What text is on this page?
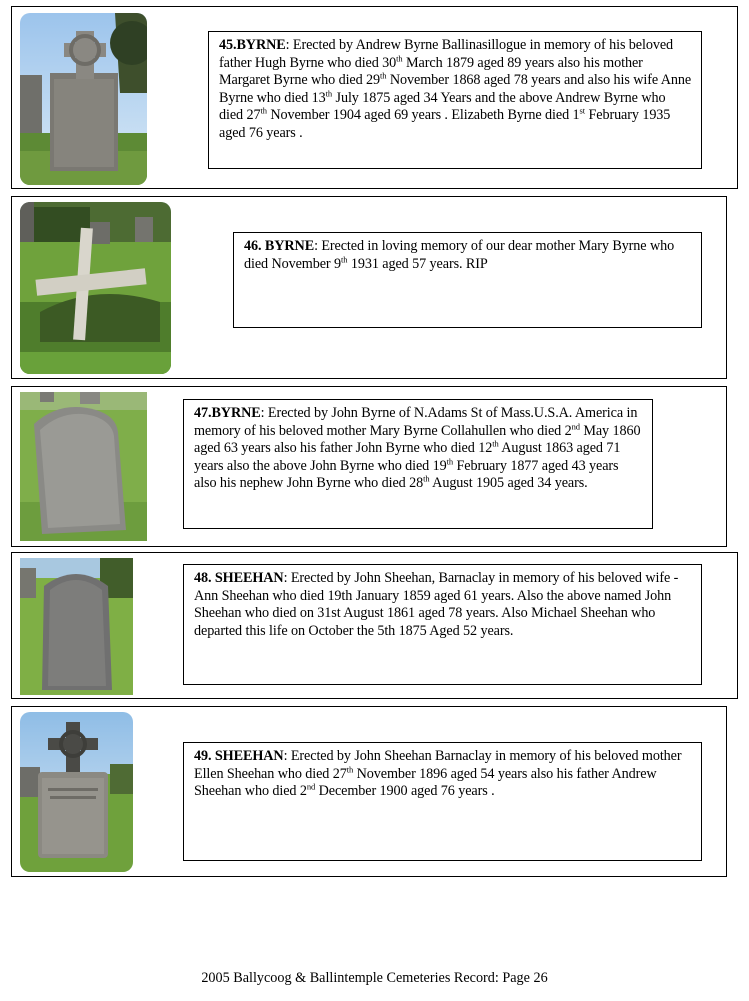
45.BYRNE: Erected by Andrew Byrne Ballinasillogue in memory of his beloved father Hugh Byrne who died 30th March 1879 aged 89 years also his mother Margaret Byrne who died 29th November 1868 aged 78 years and also his wife Anne Byrne who died 13th July 1875 aged 34 Years and the above Andrew Byrne who died 27th November 1904 aged 69 years . Elizabeth Byrne died 1st February 1935 aged 76 years .
46. BYRNE: Erected in loving memory of our dear mother Mary Byrne who died November 9th 1931 aged 57 years. RIP
47.BYRNE: Erected by John Byrne of N.Adams St of Mass.U.S.A. America in memory of his beloved mother Mary Byrne Collahullen who died 2nd May 1860 aged 63 years also his father John Byrne who died 12th August 1863 aged 71 years also the above John Byrne who died 19th February 1877 aged 43 years also his nephew John Byrne who died 28th August 1905 aged 34 years.
48. SHEEHAN: Erected by John Sheehan, Barnaclay in memory of his beloved wife - Ann Sheehan who died 19th January 1859 aged 61 years. Also the above named John Sheehan who died on 31st August 1861 aged 78 years. Also Michael Sheehan who departed this life on October the 5th 1875 Aged 52 years.
49. SHEEHAN: Erected by John Sheehan Barnaclay in memory of his beloved mother Ellen Sheehan who died 27th November 1896 aged 54 years also his father Andrew Sheehan who died 2nd December 1900 aged 76 years .
2005 Ballycoog & Ballintemple Cemeteries Record: Page 26
